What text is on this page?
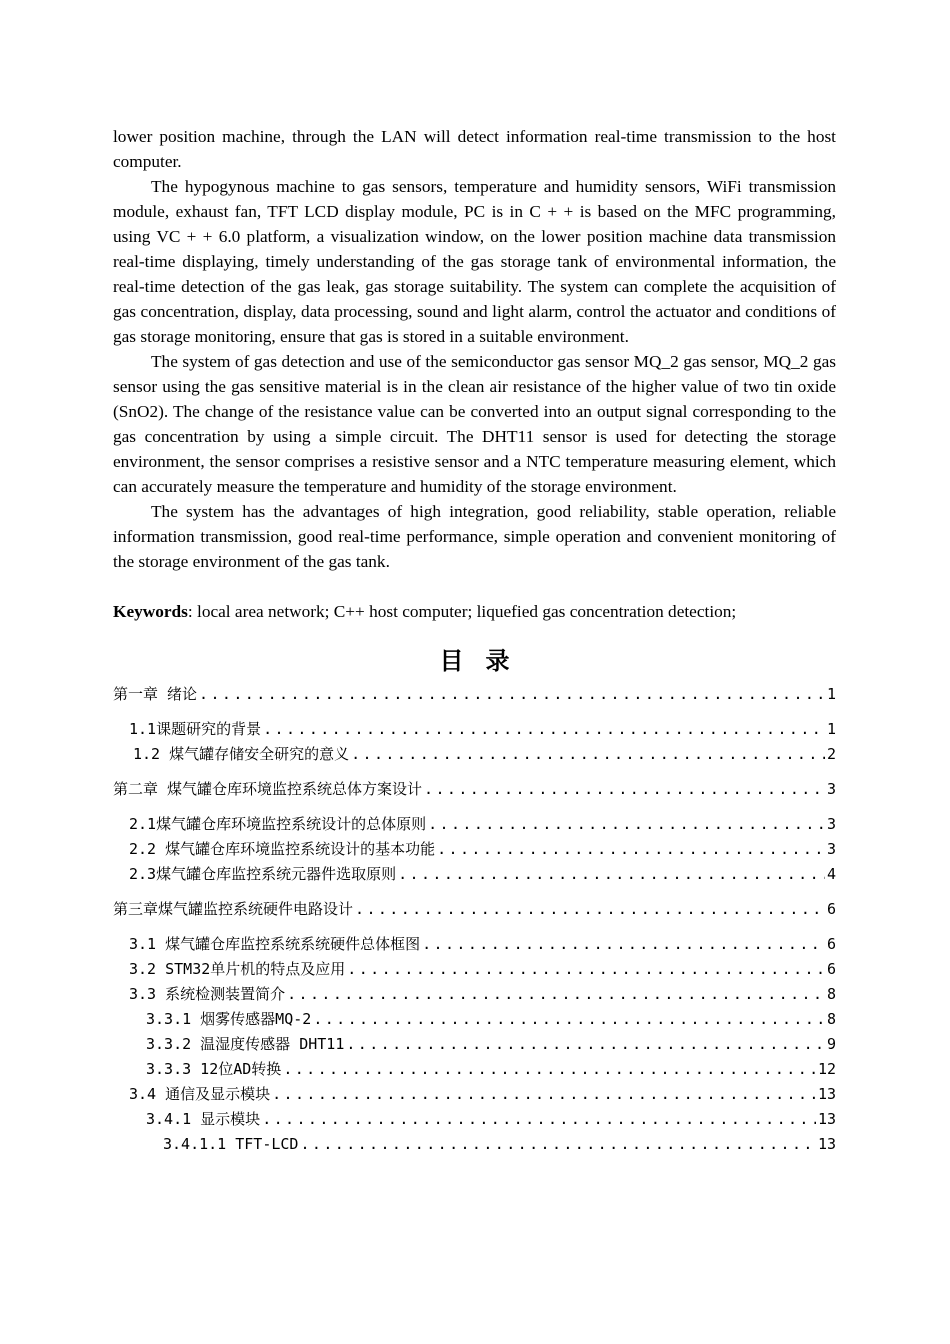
lower position machine, through the LAN will detect information real-time transmission to the host computer.

The hypogynous machine to gas sensors, temperature and humidity sensors, WiFi transmission module, exhaust fan, TFT LCD display module, PC is in C + + is based on the MFC programming, using VC + + 6.0 platform, a visualization window, on the lower position machine data transmission real-time displaying, timely understanding of the gas storage tank of environmental information, the real-time detection of the gas leak, gas storage suitability. The system can complete the acquisition of gas concentration, display, data processing, sound and light alarm, control the actuator and conditions of gas storage monitoring, ensure that gas is stored in a suitable environment.

The system of gas detection and use of the semiconductor gas sensor MQ_2 gas sensor, MQ_2 gas sensor using the gas sensitive material is in the clean air resistance of the higher value of two tin oxide (SnO2). The change of the resistance value can be converted into an output signal corresponding to the gas concentration by using a simple circuit. The DHT11 sensor is used for detecting the storage environment, the sensor comprises a resistive sensor and a NTC temperature measuring element, which can accurately measure the temperature and humidity of the storage environment.

The system has the advantages of high integration, good reliability, stable operation, reliable information transmission, good real-time performance, simple operation and convenient monitoring of the storage environment of the gas tank.

Keywords: local area network; C++ host computer; liquefied gas concentration detection;

目录
第一章 绪论 .....	1
1.1课题研究的背景 .....	1
1.2 煤气罐存储安全研究的意义 .....	2
第二章 煤气罐仓库环境监控系统总体方案设计 .....	3
2.1煤气罐仓库环境监控系统设计的总体原则 .....	3
2.2 煤气罐仓库环境监控系统设计的基本功能 .....	3
2.3煤气罐仓库监控系统元器件选取原则 .....	4
第三章煤气罐监控系统硬件电路设计 .....	6
3.1 煤气罐仓库监控系统系统硬件总体框图 .....	6
3.2 STM32单片机的特点及应用 .....	6
3.3 系统检测装置简介 .....	8
3.3.1 烟雾传感器MQ-2 .....	8
3.3.2 温湿度传感器 DHT11 .....	9
3.3.3 12位AD转换 .....	12
3.4 通信及显示模块 .....	13
3.4.1 显示模块 .....	13
3.4.1.1 TFT-LCD .....	13
